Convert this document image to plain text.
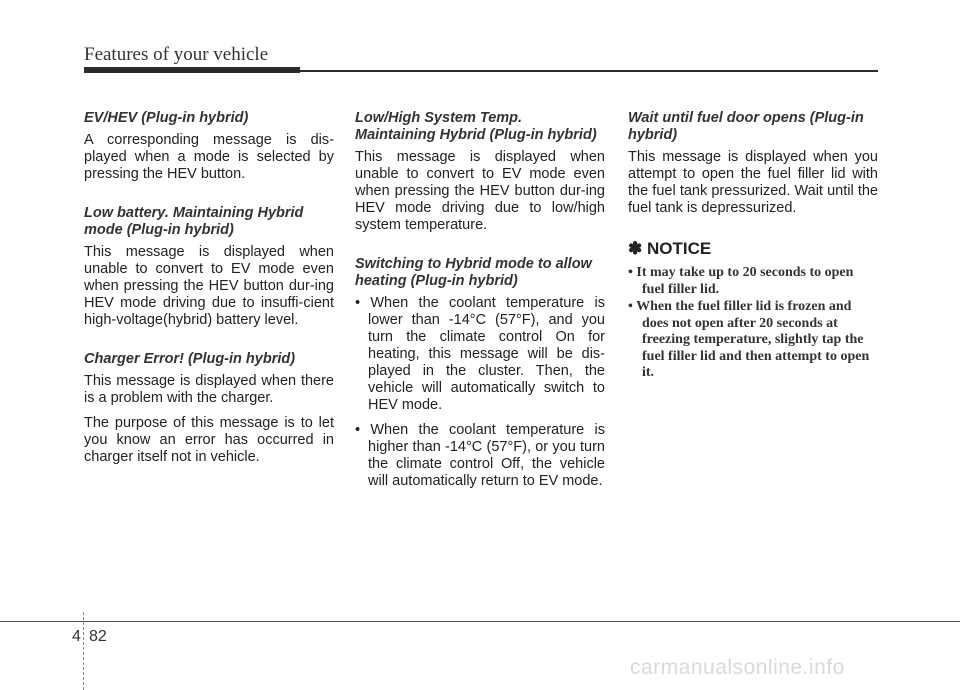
Features of your vehicle
EV/HEV (Plug-in hybrid)

A corresponding message is dis-played when a mode is selected by pressing the HEV button.

Low battery. Maintaining Hybrid mode (Plug-in hybrid)

This message is displayed when unable to convert to EV mode even when pressing the HEV button dur-ing HEV mode driving due to insuffi-cient high-voltage(hybrid) battery level.

Charger Error! (Plug-in hybrid)

This message is displayed when there is a problem with the charger.

The purpose of this message is to let you know an error has occurred in charger itself not in vehicle.

Low/High System Temp. Maintaining Hybrid (Plug-in hybrid)

This message is displayed when unable to convert to EV mode even when pressing the HEV button dur-ing HEV mode driving due to low/high system temperature.

Switching to Hybrid mode to allow heating (Plug-in hybrid)
• When the coolant temperature is lower than -14°C (57°F), and you turn the climate control On for heating, this message will be dis-played in the cluster. Then, the vehicle will automatically switch to HEV mode.
• When the coolant temperature is higher than -14°C (57°F), or you turn the climate control Off, the vehicle will automatically return to EV mode.
Wait until fuel door opens (Plug-in hybrid)

This message is displayed when you attempt to open the fuel filler lid with the fuel tank pressurized. Wait until the fuel tank is depressurized.

✽ NOTICE
• It may take up to 20 seconds to open fuel filler lid.
• When the fuel filler lid is frozen and does not open after 20 seconds at freezing temperature, slightly tap the fuel filler lid and then attempt to open it.
4 82
carmanualsonline.info
